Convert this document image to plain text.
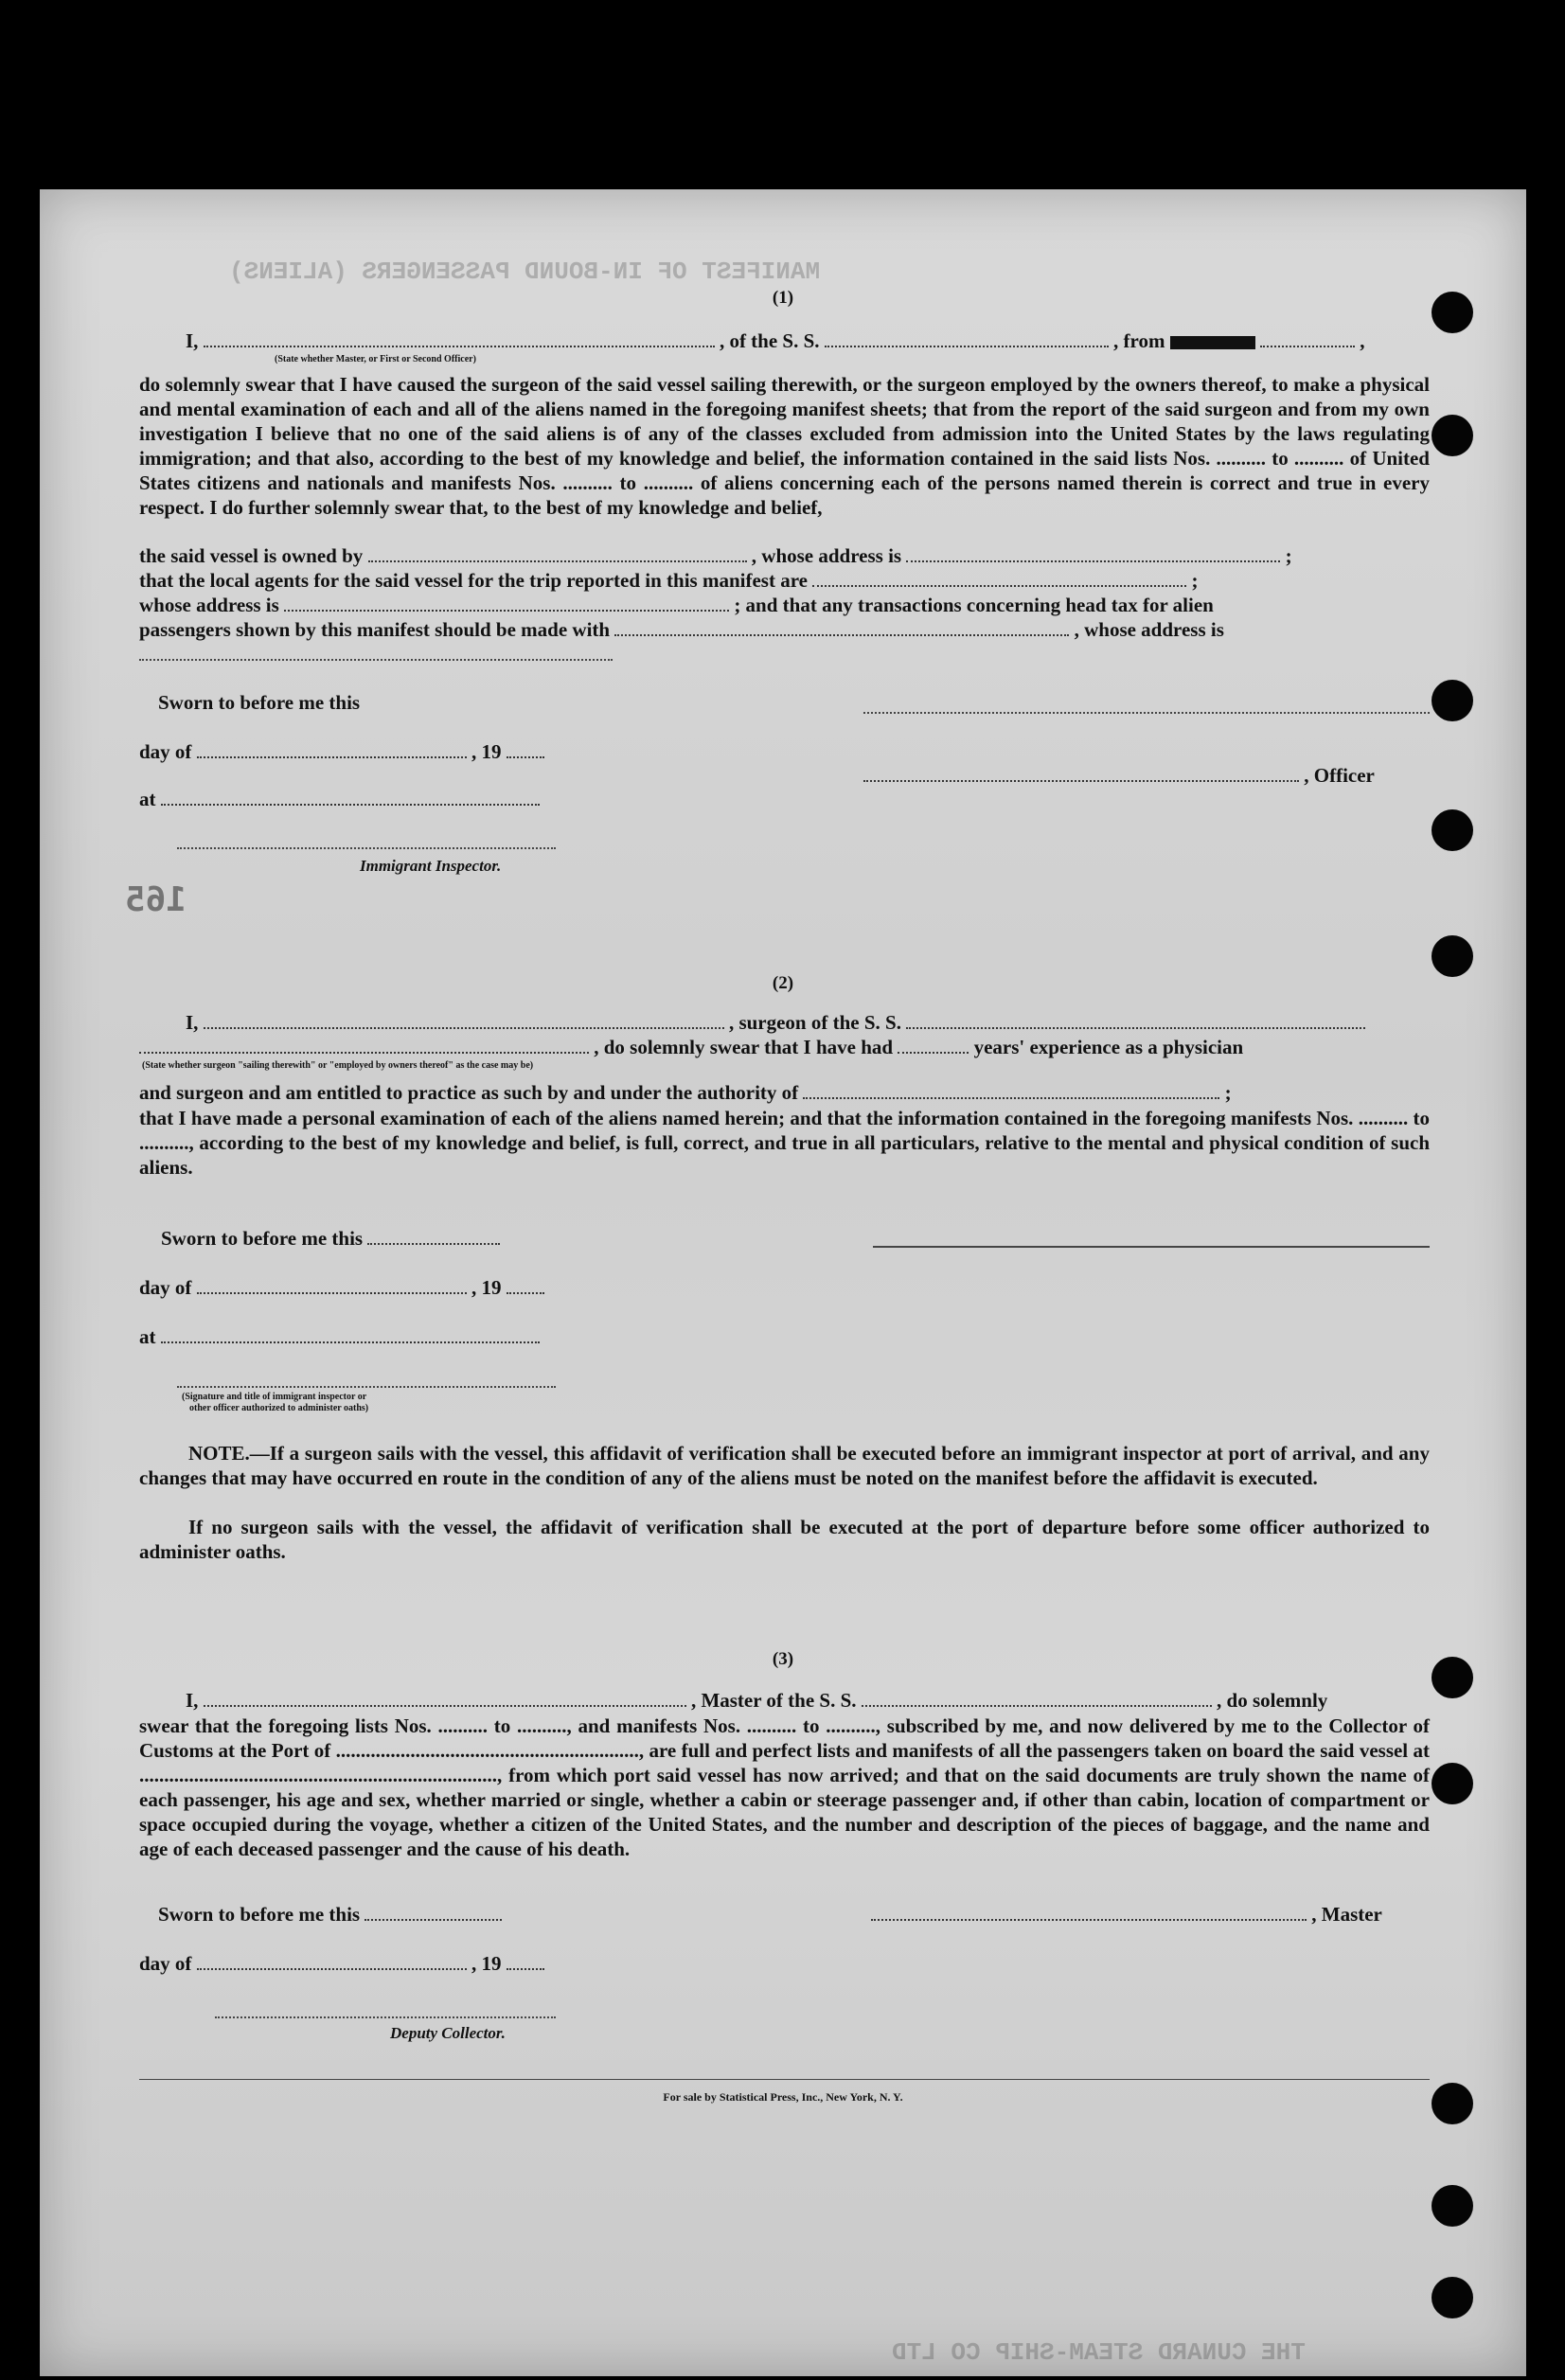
MANIFEST OF IN-BOUND PASSENGERS (ALIENS)
165
THE CUNARD STEAM-SHIP CO LTD
(1)
I,	, of the S. S.	, from	,
(State whether Master, or First or Second Officer)
do solemnly swear that I have caused the surgeon of the said vessel sailing therewith, or the surgeon employed by the owners thereof, to make a physical and mental examination of each and all of the aliens named in the foregoing manifest sheets; that from the report of the said surgeon and from my own investigation I believe that no one of the said aliens is of any of the classes excluded from admission into the United States by the laws regulating immigration; and that also, according to the best of my knowledge and belief, the information contained in the said lists Nos. .......... to .......... of United States citizens and nationals and manifests Nos. .......... to .......... of aliens concerning each of the persons named therein is correct and true in every respect. I do further solemnly swear that, to the best of my knowledge and belief,
the said vessel is owned by	, whose address is	;
that the local agents for the said vessel for the trip reported in this manifest are	;
whose address is	; and that any transactions concerning head tax for alien
passengers shown by this manifest should be made with	, whose address is
Sworn to before me this
day of	, 19
, Officer
at
Immigrant Inspector.
(2)
I,	, surgeon of the S. S.
, do solemnly swear that I have had	years' experience as a physician
(State whether surgeon "sailing therewith" or "employed by owners thereof" as the case may be)
and surgeon and am entitled to practice as such by and under the authority of	;
that I have made a personal examination of each of the aliens named herein; and that the information contained in the foregoing manifests Nos. .......... to .........., according to the best of my knowledge and belief, is full, correct, and true in all particulars, relative to the mental and physical condition of such aliens.
Sworn to before me this
day of	, 19
at
(Signature and title of immigrant inspector or
other officer authorized to administer oaths)
NOTE.—If a surgeon sails with the vessel, this affidavit of verification shall be executed before an immigrant inspector at port of arrival, and any changes that may have occurred en route in the condition of any of the aliens must be noted on the manifest before the affidavit is executed.
If no surgeon sails with the vessel, the affidavit of verification shall be executed at the port of departure before some officer authorized to administer oaths.
(3)
I,	, Master of the S. S.	, do solemnly
swear that the foregoing lists Nos. .......... to .........., and manifests Nos. .......... to .........., subscribed by me, and now delivered by me to the Collector of Customs at the Port of ............................................................., are full and perfect lists and manifests of all the passengers taken on board the said vessel at ........................................................................, from which port said vessel has now arrived; and that on the said documents are truly shown the name of each passenger, his age and sex, whether married or single, whether a cabin or steerage passenger and, if other than cabin, location of compartment or space occupied during the voyage, whether a citizen of the United States, and the number and description of the pieces of baggage, and the name and age of each deceased passenger and the cause of his death.
Sworn to before me this	, Master
day of	, 19
Deputy Collector.
For sale by Statistical Press, Inc., New York, N. Y.
